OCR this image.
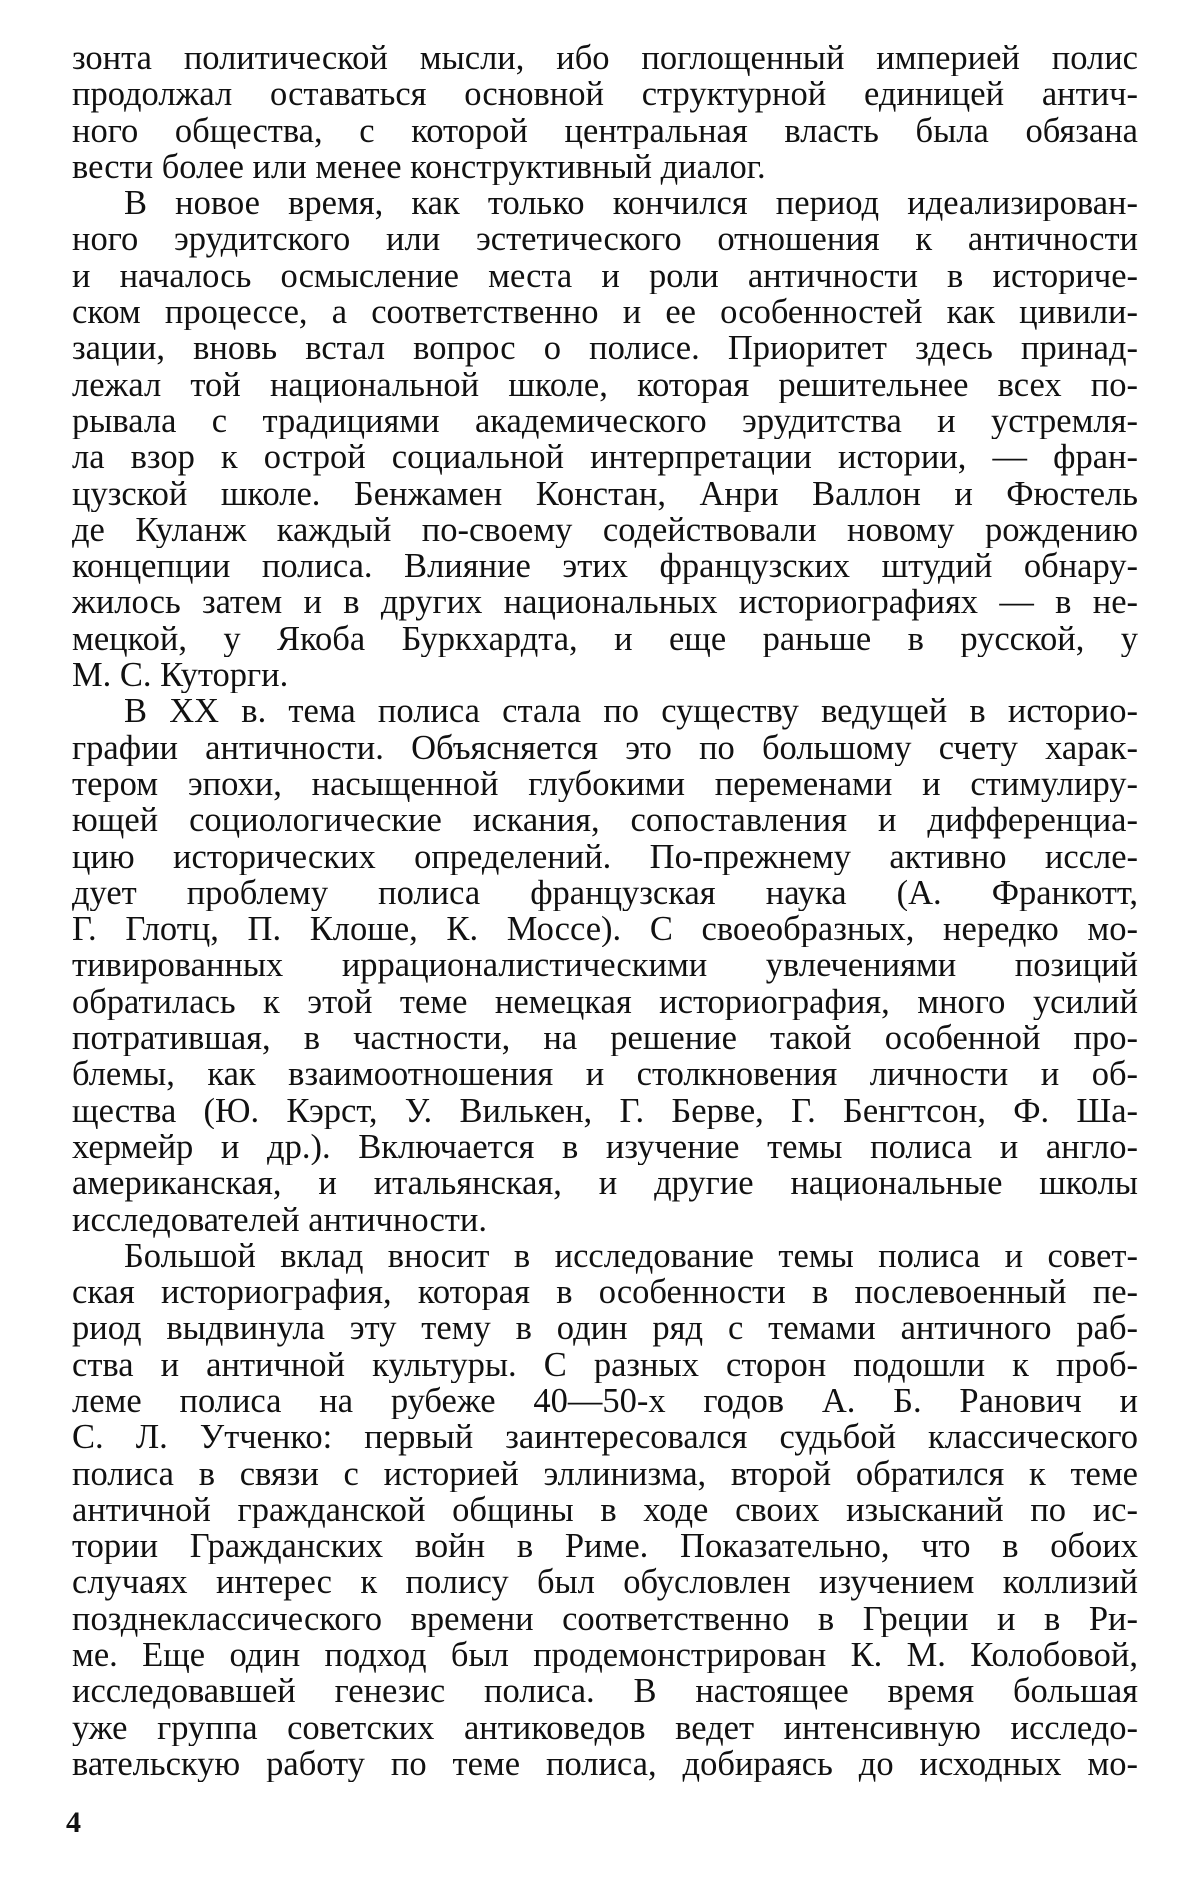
зонта политической мысли, ибо поглощенный империей полис
продолжал оставаться основной структурной единицей антич-
ного общества, с которой центральная власть была обязана
вести более или менее конструктивный диалог.
В новое время, как только кончился период идеализирован-
ного эрудитского или эстетического отношения к античности
и началось осмысление места и роли античности в историче-
ском процессе, а соответственно и ее особенностей как цивили-
зации, вновь встал вопрос о полисе. Приоритет здесь принад-
лежал той национальной школе, которая решительнее всех по-
рывала с традициями академического эрудитства и устремля-
ла взор к острой социальной интерпретации истории, — фран-
цузской школе. Бенжамен Констан, Анри Валлон и Фюстель
де Куланж каждый по-своему содействовали новому рождению
концепции полиса. Влияние этих французских штудий обнару-
жилось затем и в других национальных историографиях — в не-
мецкой, у Якоба Буркхардта, и еще раньше в русской, у
М. С. Куторги.
В XX в. тема полиса стала по существу ведущей в историо-
графии античности. Объясняется это по большому счету харак-
тером эпохи, насыщенной глубокими переменами и стимулиру-
ющей социологические искания, сопоставления и дифференциа-
цию исторических определений. По-прежнему активно иссле-
дует проблему полиса французская наука (А. Франкотт,
Г. Глотц, П. Клоше, К. Моссе). С своеобразных, нередко мо-
тивированных иррационалистическими увлечениями позиций
обратилась к этой теме немецкая историография, много усилий
потратившая, в частности, на решение такой особенной про-
блемы, как взаимоотношения и столкновения личности и об-
щества (Ю. Кэрст, У. Вилькен, Г. Берве, Г. Бенгтсон, Ф. Ша-
хермейр и др.). Включается в изучение темы полиса и англо-
американская, и итальянская, и другие национальные школы
исследователей античности.
Большой вклад вносит в исследование темы полиса и совет-
ская историография, которая в особенности в послевоенный пе-
риод выдвинула эту тему в один ряд с темами античного раб-
ства и античной культуры. С разных сторон подошли к проб-
леме полиса на рубеже 40—50-х годов А. Б. Ранович и
С. Л. Утченко: первый заинтересовался судьбой классического
полиса в связи с историей эллинизма, второй обратился к теме
античной гражданской общины в ходе своих изысканий по ис-
тории Гражданских войн в Риме. Показательно, что в обоих
случаях интерес к полису был обусловлен изучением коллизий
позднеклассического времени соответственно в Греции и в Ри-
ме. Еще один подход был продемонстрирован К. М. Колобовой,
исследовавшей генезис полиса. В настоящее время большая
уже группа советских антиковедов ведет интенсивную исследо-
вательскую работу по теме полиса, добираясь до исходных мо-
4
